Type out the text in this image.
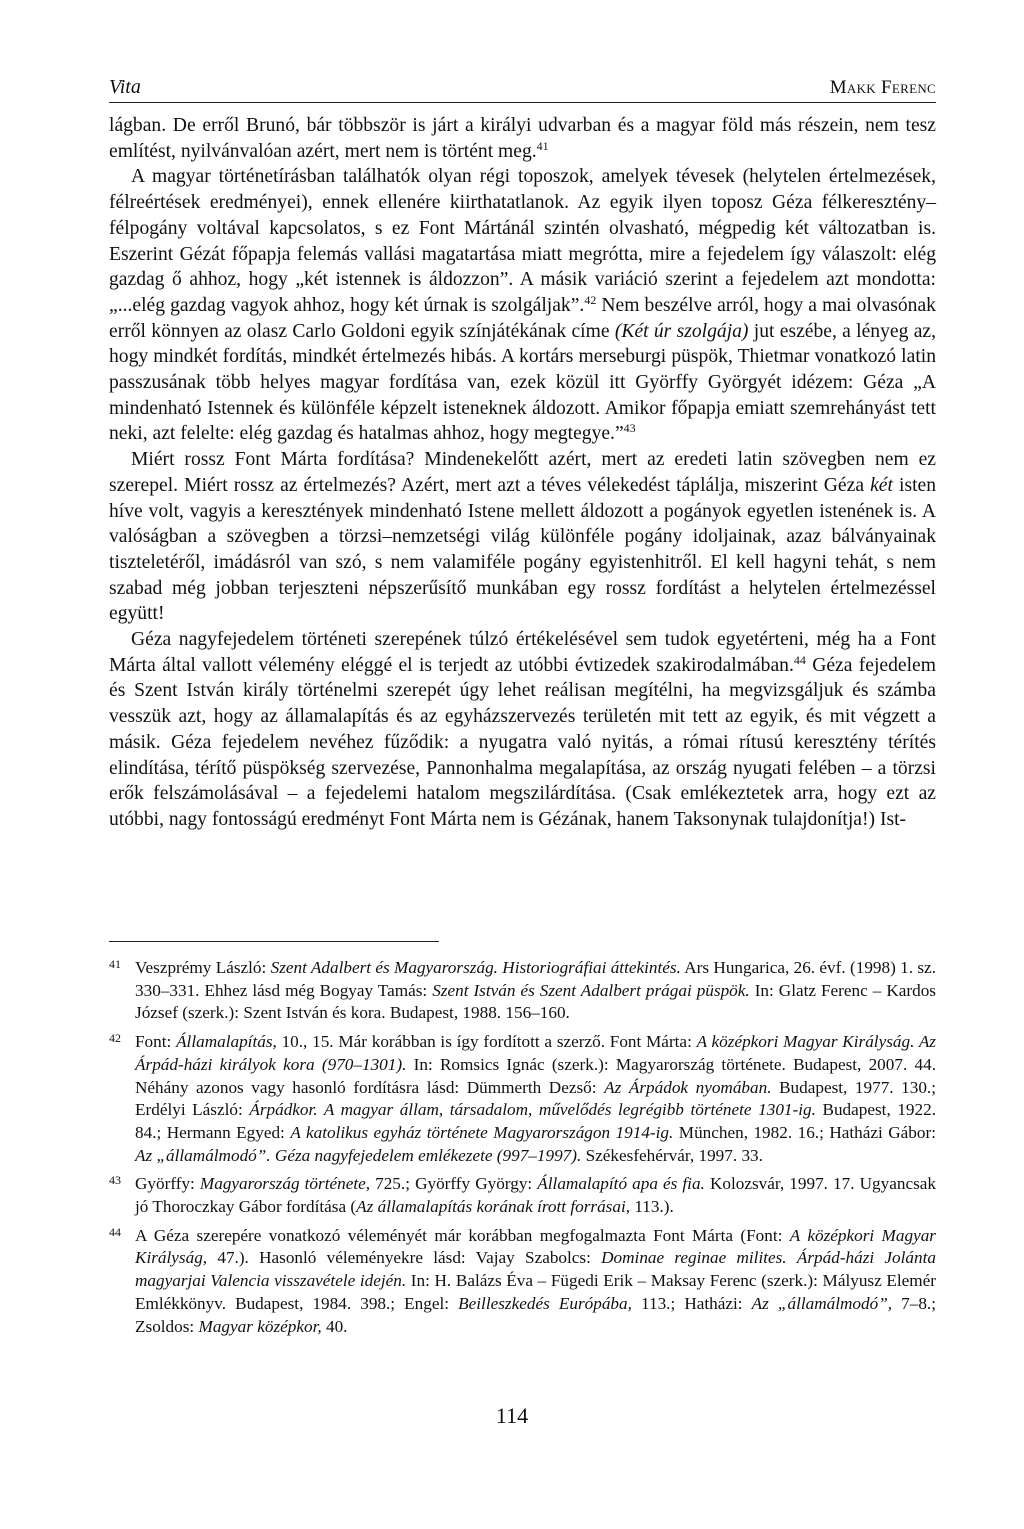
Vita	Makk Ferenc

lágban. De erről Brunó, bár többször is járt a királyi udvarban és a magyar föld más részein, nem tesz említést, nyilvánvalóan azért, mert nem is történt meg.$^{41}$

A magyar történetírásban találhatók olyan régi toposzok, amelyek tévesek (helytelen értelmezések, félreértések eredményei), ennek ellenére kiirthatatlanok. Az egyik ilyen toposz Géza félkeresztény–félpogány voltával kapcsolatos, s ez Font Mártánál szintén olvasható, mégpedig két változatban is. Eszerint Gézát főpapja felemás vallási magatartása miatt megrótta, mire a fejedelem így válaszolt: elég gazdag ő ahhoz, hogy „két istennek is áldozzon”. A másik variáció szerint a fejedelem azt mondotta: „...elég gazdag vagyok ahhoz, hogy két úrnak is szolgáljak”.$^{42}$ Nem beszélve arról, hogy a mai olvasónak erről könnyen az olasz Carlo Goldoni egyik színjátékának címe (Két úr szolgája) jut eszébe, a lényeg az, hogy mindkét fordítás, mindkét értelmezés hibás. A kortárs merseburgi püspök, Thietmar vonatkozó latin passzusának több helyes magyar fordítása van, ezek közül itt Györffy Györgyét idézem: Géza „A mindenható Istennek és különféle képzelt isteneknek áldozott. Amikor főpapja emiatt szemrehányást tett neki, azt felelte: elég gazdag és hatalmas ahhoz, hogy megtegye.”$^{43}$

Miért rossz Font Márta fordítása? Mindenekelőtt azért, mert az eredeti latin szövegben nem ez szerepel. Miért rossz az értelmezés? Azért, mert azt a téves vélekedést táplálja, miszerint Géza két isten híve volt, vagyis a keresztények mindenható Istene mellett áldozott a pogányok egyetlen istenének is. A valóságban a szövegben a törzsi–nemzetségi világ különféle pogány idoljainak, azaz bálványainak tiszteletéről, imádásról van szó, s nem valamiféle pogány egyistenhitről. El kell hagyni tehát, s nem szabad még jobban terjeszteni népszerűsítő munkában egy rossz fordítást a helytelen értelmezéssel együtt!

Géza nagyfejedelem történeti szerepének túlzó értékelésével sem tudok egyetérteni, még ha a Font Márta által vallott vélemény eléggé el is terjedt az utóbbi évtizedek szakirodalmában.$^{44}$ Géza fejedelem és Szent István király történelmi szerepét úgy lehet reálisan megítélni, ha megvizsgáljuk és számba vesszük azt, hogy az államalapítás és az egyházszervezés területén mit tett az egyik, és mit végzett a másik. Géza fejedelem nevéhez fűződik: a nyugatra való nyitás, a római rítusú keresztény térítés elindítása, térítő püspökség szervezése, Pannonhalma megalapítása, az ország nyugati felében – a törzsi erők felszámolásával – a fejedelemi hatalom megszilárdítása. (Csak emlékeztetek arra, hogy ezt az utóbbi, nagy fontosságú eredményt Font Márta nem is Gézának, hanem Taksonynak tulajdonítja!) Ist-

41 Veszprémy László: Szent Adalbert és Magyarország. Historiográfiai áttekintés. Ars Hungarica, 26. évf. (1998) 1. sz. 330–331. Ehhez lásd még Bogyay Tamás: Szent István és Szent Adalbert prágai püspök. In: Glatz Ferenc – Kardos József (szerk.): Szent István és kora. Budapest, 1988. 156–160.
42 Font: Államalapítás, 10., 15. Már korábban is így fordított a szerző. Font Márta: A középkori Magyar Királyság. Az Árpád-házi királyok kora (970–1301). In: Romsics Ignác (szerk.): Magyarország története. Budapest, 2007. 44. Néhány azonos vagy hasonló fordításra lásd: Dümmerth Dezső: Az Árpádok nyomában. Budapest, 1977. 130.; Erdélyi László: Árpádkor. A magyar állam, társadalom, művelődés legrégibb története 1301-ig. Budapest, 1922. 84.; Hermann Egyed: A katolikus egyház története Magyarországon 1914-ig. München, 1982. 16.; Hatházi Gábor: Az „államálmodó”. Géza nagyfejedelem emlékezete (997–1997). Székesfehérvár, 1997. 33.
43 Györffy: Magyarország története, 725.; Györffy György: Államalapító apa és fia. Kolozsvár, 1997. 17. Ugyancsak jó Thoroczkay Gábor fordítása (Az államalapítás korának írott forrásai, 113.).
44 A Géza szerepére vonatkozó véleményét már korábban megfogalmazta Font Márta (Font: A középkori Magyar Királyság, 47.). Hasonló véleményekre lásd: Vajay Szabolcs: Dominae reginae milites. Árpád-házi Jolánta magyarjai Valencia visszavétele idején. In: H. Balázs Éva – Fügedi Erik – Maksay Ferenc (szerk.): Mályusz Elemér Emlékkönyv. Budapest, 1984. 398.; Engel: Beilleszkedés Európába, 113.; Hatházi: Az „államálmodó”, 7–8.; Zsoldos: Magyar középkor, 40.
114
